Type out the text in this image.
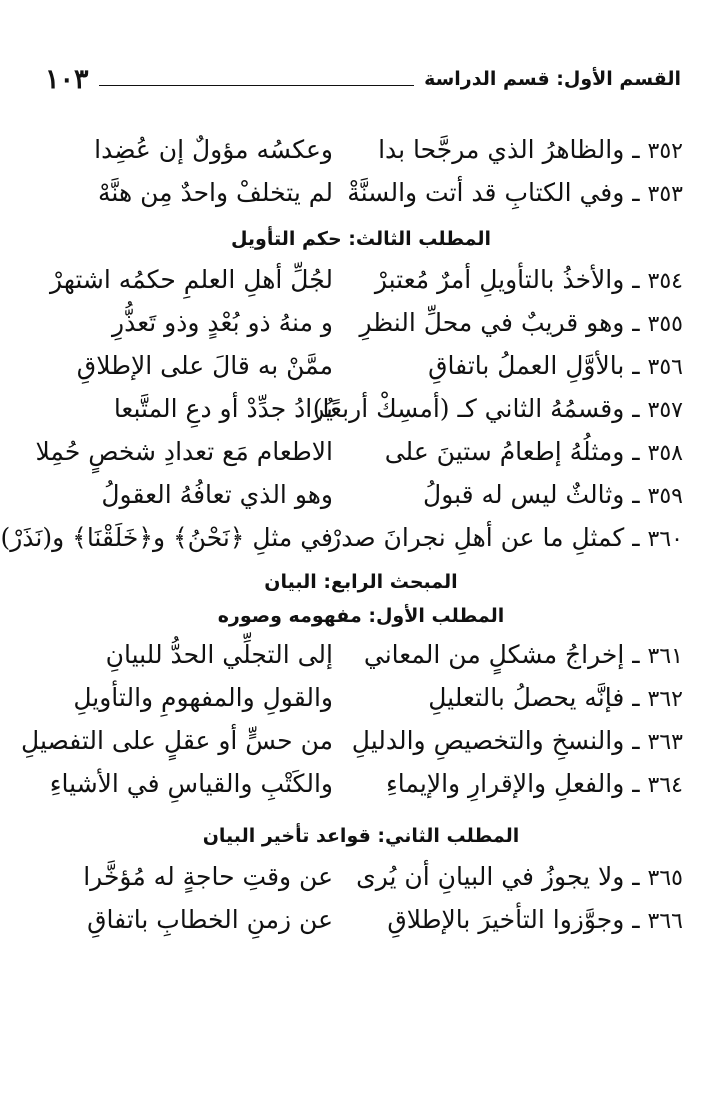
القسم الأول: قسم الدراسة
١٠٣
٣٥٢ ـ والظاهرُ الذي مرجَّحا بدا
وعكسُه مؤولٌ إن عُضِدا
٣٥٣ ـ وفي الكتابِ قد أتت والسنَّةْ
لم يتخلفْ واحدٌ مِن هنَّهْ
المطلب الثالث: حكم التأويل
٣٥٤ ـ والأخذُ بالتأويلِ أمرٌ مُعتبرْ
لجُلِّ أهلِ العلمِ حكمُه اشتهرْ
٣٥٥ ـ وهو قريبٌ في محلِّ النظرِ
و منهُ ذو بُعْدٍ وذو تَعذُّرِ
٣٥٦ ـ بالأوَّلِ العملُ باتفاقِ
ممَّنْ به قالَ على الإطلاقِ
٣٥٧ ـ وقسمُهُ الثاني كـ (أمسِكْ أربعًا)
يُرادُ جدِّدْ أو دعِ المتَّبعا
٣٥٨ ـ ومثلُهُ إطعامُ ستينَ على
الاطعام مَع تعدادِ شخصٍ حُمِلا
٣٥٩ ـ وثالثٌ ليس له قبولُ
وهو الذي تعافُهُ العقولُ
٣٦٠ ـ كمثلِ ما عن أهلِ نجرانَ صدرْ
في مثلِ ﴿نَحْنُ﴾ و﴿خَلَقْنَا﴾ و(نَذَرْ)
المبحث الرابع: البيان
المطلب الأول: مفهومه وصوره
٣٦١ ـ إخراجُ مشكلٍ من المعاني
إلى التجلِّي الحدُّ للبيانِ
٣٦٢ ـ فإنَّه يحصلُ بالتعليلِ
والقولِ والمفهومِ والتأويلِ
٣٦٣ ـ والنسخِ والتخصيصِ والدليلِ
من حسٍّ أو عقلٍ على التفصيلِ
٣٦٤ ـ والفعلِ والإقرارِ والإيماءِ
والكَتْبِ والقياسِ في الأشياءِ
المطلب الثاني: قواعد تأخير البيان
٣٦٥ ـ ولا يجوزُ في البيانِ أن يُرى
عن وقتِ حاجةٍ له مُؤخَّرا
٣٦٦ ـ وجوَّزوا التأخيرَ بالإطلاقِ
عن زمنِ الخطابِ باتفاقِ
